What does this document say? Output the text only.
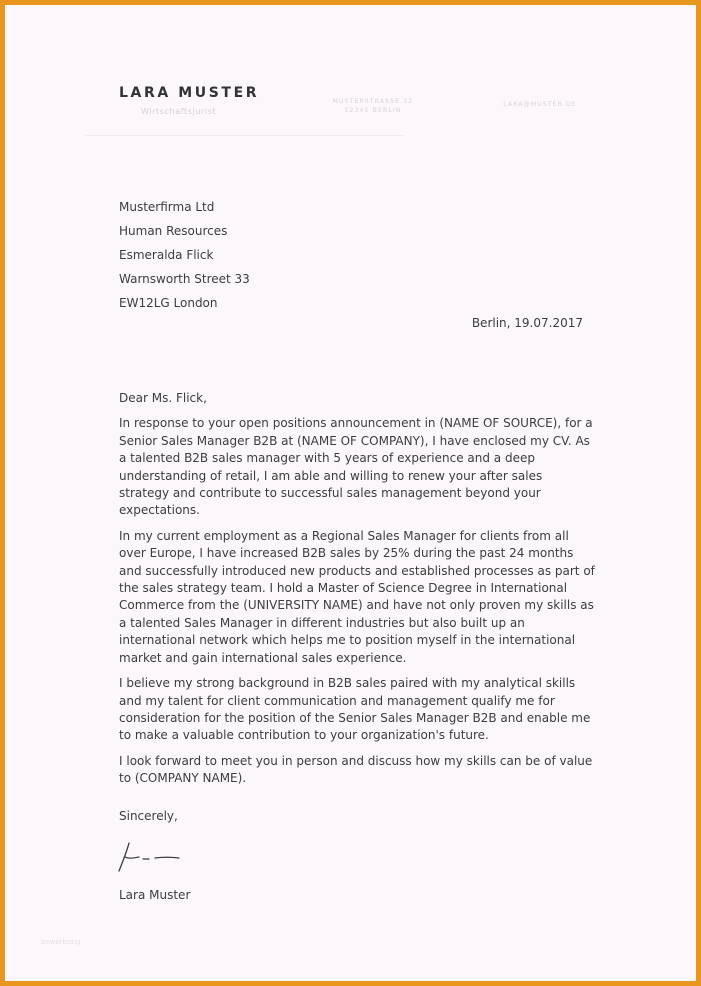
LARA MUSTER
Wirtschaftsjurist
MUSTERSTRASSE 12
12345 BERLIN
LARA@MUSTER.DE
Musterfirma Ltd
Human Resources
Esmeralda Flick
Warnsworth Street 33
EW12LG London
Berlin, 19.07.2017

Dear Ms. Flick,

In response to your open positions announcement in (NAME OF SOURCE), for a Senior Sales Manager B2B at (NAME OF COMPANY), I have enclosed my CV. As a talented B2B sales manager with 5 years of experience and a deep understanding of retail, I am able and willing to renew your after sales strategy and contribute to successful sales management beyond your expectations.

In my current employment as a Regional Sales Manager for clients from all over Europe, I have increased B2B sales by 25% during the past 24 months and successfully introduced new products and established processes as part of the sales strategy team. I hold a Master of Science Degree in International Commerce from the (UNIVERSITY NAME) and have not only proven my skills as a talented Sales Manager in different industries but also built up an international network which helps me to position myself in the international market and gain international sales experience.

I believe my strong background in B2B sales paired with my analytical skills and my talent for client communication and management qualify me for consideration for the position of the Senior Sales Manager B2B and enable me to make a valuable contribution to your organization's future.

I look forward to meet you in person and discuss how my skills can be of value to (COMPANY NAME).

Sincerely,
Lara Muster
bewerbung
